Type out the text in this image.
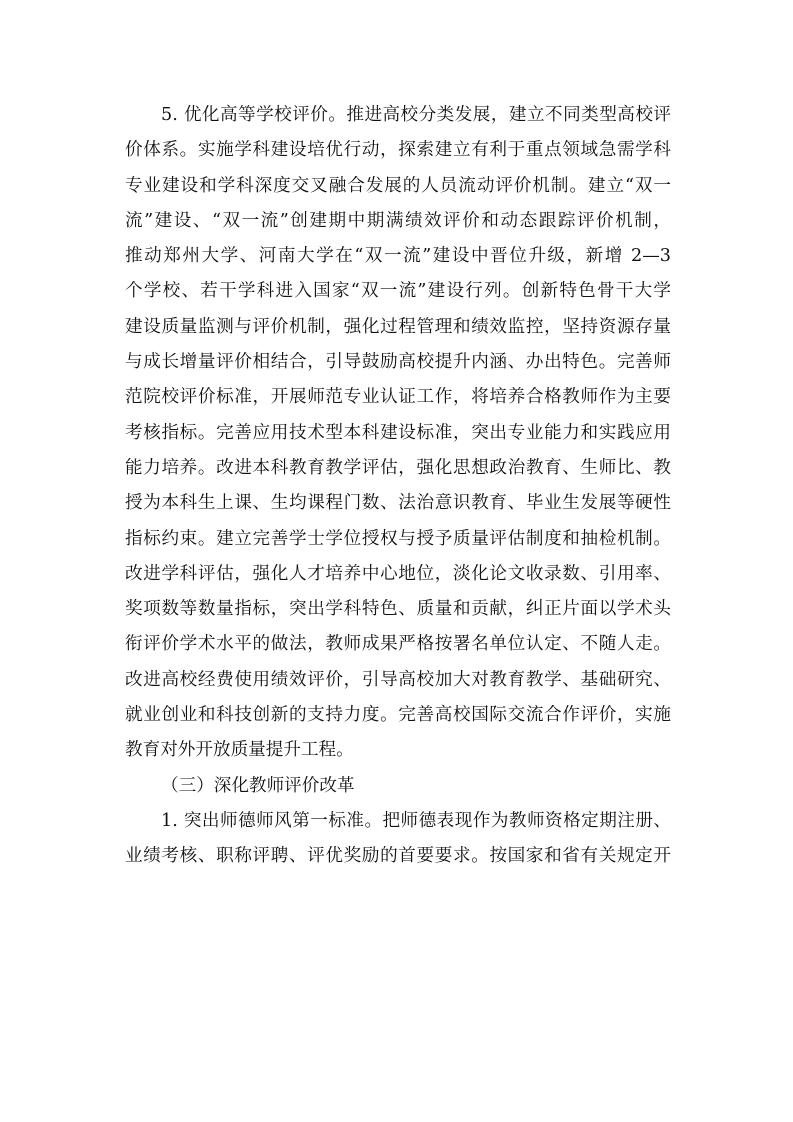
5. 优化高等学校评价。推进高校分类发展，建立不同类型高校评
价体系。实施学科建设培优行动，探索建立有利于重点领域急需学科
专业建设和学科深度交叉融合发展的人员流动评价机制。建立“双一
流”建设、“双一流”创建期中期满绩效评价和动态跟踪评价机制，
推动郑州大学、河南大学在“双一流”建设中晋位升级，新增 2—3
个学校、若干学科进入国家“双一流”建设行列。创新特色骨干大学
建设质量监测与评价机制，强化过程管理和绩效监控，坚持资源存量
与成长增量评价相结合，引导鼓励高校提升内涵、办出特色。完善师
范院校评价标准，开展师范专业认证工作，将培养合格教师作为主要
考核指标。完善应用技术型本科建设标准，突出专业能力和实践应用
能力培养。改进本科教育教学评估，强化思想政治教育、生师比、教
授为本科生上课、生均课程门数、法治意识教育、毕业生发展等硬性
指标约束。建立完善学士学位授权与授予质量评估制度和抽检机制。
改进学科评估，强化人才培养中心地位，淡化论文收录数、引用率、
奖项数等数量指标，突出学科特色、质量和贡献，纠正片面以学术头
衔评价学术水平的做法，教师成果严格按署名单位认定、不随人走。
改进高校经费使用绩效评价，引导高校加大对教育教学、基础研究、
就业创业和科技创新的支持力度。完善高校国际交流合作评价，实施
教育对外开放质量提升工程。
（三）深化教师评价改革
1. 突出师德师风第一标准。把师德表现作为教师资格定期注册、
业绩考核、职称评聘、评优奖励的首要要求。按国家和省有关规定开
